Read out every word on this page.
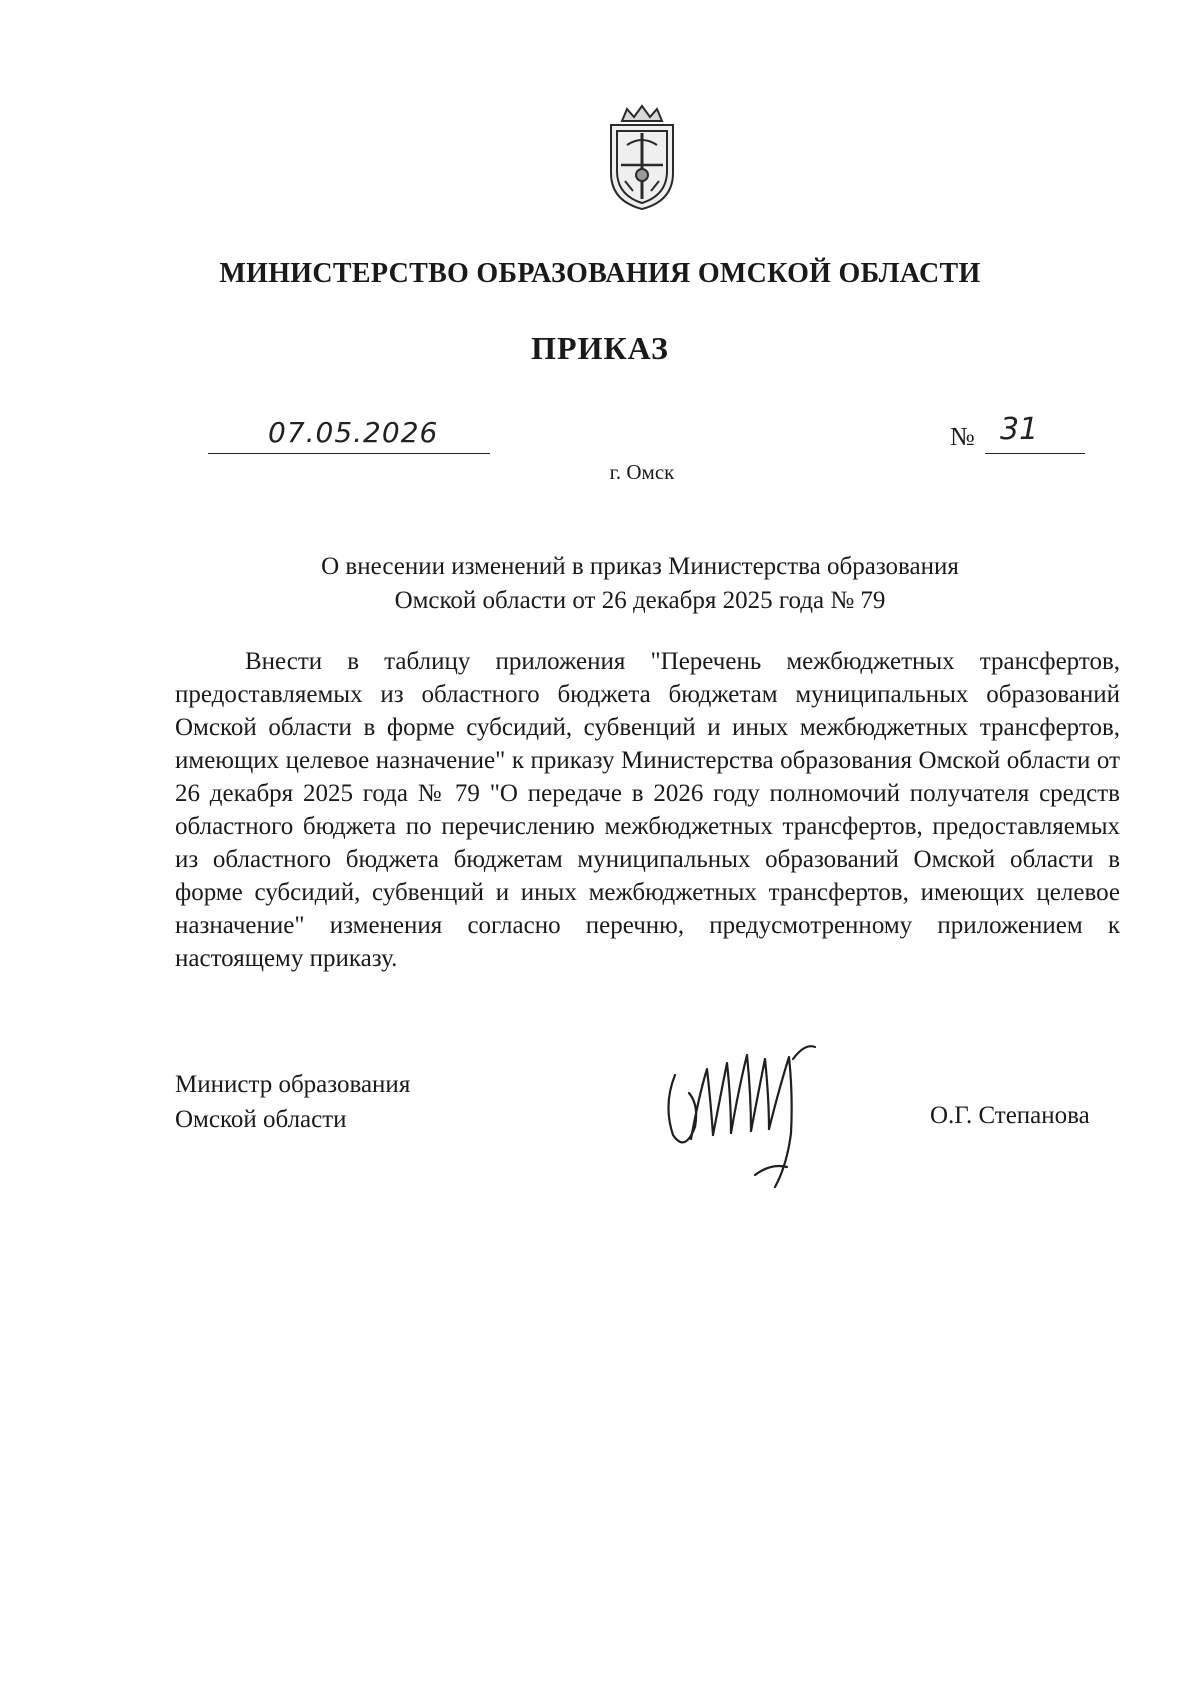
МИНИСТЕРСТВО ОБРАЗОВАНИЯ ОМСКОЙ ОБЛАСТИ
ПРИКАЗ
07.05.2026	№ 31
г. Омск
О внесении изменений в приказ Министерства образования
Омской области от 26 декабря 2025 года № 79

Внести в таблицу приложения "Перечень межбюджетных трансфертов, предоставляемых из областного бюджета бюджетам муниципальных образований Омской области в форме субсидий, субвенций и иных межбюджетных трансфертов, имеющих целевое назначение" к приказу Министерства образования Омской области от 26 декабря 2025 года № 79 "О передаче в 2026 году полномочий получателя средств областного бюджета по перечислению межбюджетных трансфертов, предоставляемых из областного бюджета бюджетам муниципальных образований Омской области в форме субсидий, субвенций и иных межбюджетных трансфертов, имеющих целевое назначение" изменения согласно перечню, предусмотренному приложением к настоящему приказу.

Министр образования
Омской области	О.Г. Степанова
